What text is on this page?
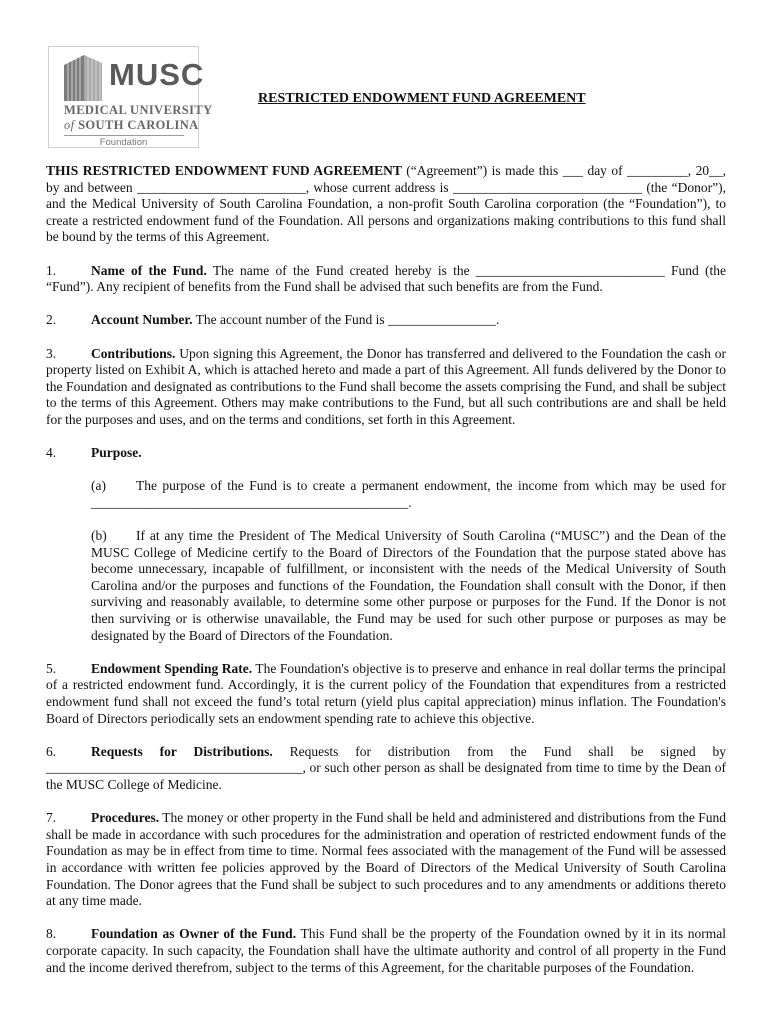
MUSC
MEDICAL UNIVERSITY
of SOUTH CAROLINA
Foundation
RESTRICTED ENDOWMENT FUND AGREEMENT

THIS RESTRICTED ENDOWMENT FUND AGREEMENT (“Agreement”) is made this ___ day of _________, 20__, by and between _________________________, whose current address is ____________________________ (the “Donor”), and the Medical University of South Carolina Foundation, a non-profit South Carolina corporation (the “Foundation”), to create a restricted endowment fund of the Foundation. All persons and organizations making contributions to this fund shall be bound by the terms of this Agreement.

1.	Name of the Fund. The name of the Fund created hereby is the ____________________________ Fund (the “Fund”). Any recipient of benefits from the Fund shall be advised that such benefits are from the Fund.

2.	Account Number. The account number of the Fund is ________________.

3.	Contributions. Upon signing this Agreement, the Donor has transferred and delivered to the Foundation the cash or property listed on Exhibit A, which is attached hereto and made a part of this Agreement. All funds delivered by the Donor to the Foundation and designated as contributions to the Fund shall become the assets comprising the Fund, and shall be subject to the terms of this Agreement. Others may make contributions to the Fund, but all such contributions are and shall be held for the purposes and uses, and on the terms and conditions, set forth in this Agreement.

4.	Purpose.

(a) The purpose of the Fund is to create a permanent endowment, the income from which may be used for _______________________________________________.

(b) If at any time the President of The Medical University of South Carolina (“MUSC”) and the Dean of the MUSC College of Medicine certify to the Board of Directors of the Foundation that the purpose stated above has become unnecessary, incapable of fulfillment, or inconsistent with the needs of the Medical University of South Carolina and/or the purposes and functions of the Foundation, the Foundation shall consult with the Donor, if then surviving and reasonably available, to determine some other purpose or purposes for the Fund. If the Donor is not then surviving or is otherwise unavailable, the Fund may be used for such other purpose or purposes as may be designated by the Board of Directors of the Foundation.

5.	Endowment Spending Rate. The Foundation's objective is to preserve and enhance in real dollar terms the principal of a restricted endowment fund. Accordingly, it is the current policy of the Foundation that expenditures from a restricted endowment fund shall not exceed the fund’s total return (yield plus capital appreciation) minus inflation. The Foundation's Board of Directors periodically sets an endowment spending rate to achieve this objective.

6.	Requests for Distributions. Requests for distribution from the Fund shall be signed by ______________________________________, or such other person as shall be designated from time to time by the Dean of the MUSC College of Medicine.

7.	Procedures. The money or other property in the Fund shall be held and administered and distributions from the Fund shall be made in accordance with such procedures for the administration and operation of restricted endowment funds of the Foundation as may be in effect from time to time. Normal fees associated with the management of the Fund will be assessed in accordance with written fee policies approved by the Board of Directors of the Medical University of South Carolina Foundation. The Donor agrees that the Fund shall be subject to such procedures and to any amendments or additions thereto at any time made.

8.	Foundation as Owner of the Fund. This Fund shall be the property of the Foundation owned by it in its normal corporate capacity. In such capacity, the Foundation shall have the ultimate authority and control of all property in the Fund and the income derived therefrom, subject to the terms of this Agreement, for the charitable purposes of the Foundation.
